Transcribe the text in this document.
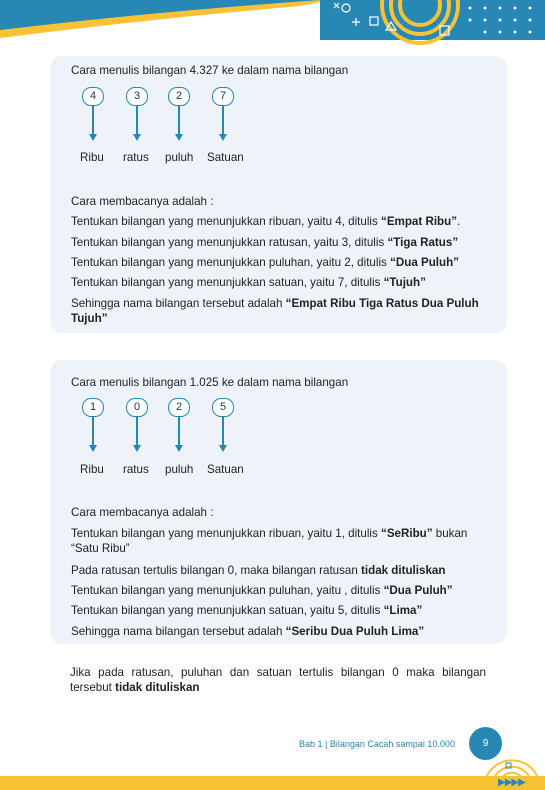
Cara menulis bilangan 4.327 ke dalam nama bilangan
4	3	2	7
Ribu ratus puluh Satuan
Cara membacanya adalah :
Tentukan bilangan yang menunjukkan ribuan, yaitu 4, ditulis “Empat Ribu”.
Tentukan bilangan yang menunjukkan ratusan, yaitu 3, ditulis “Tiga Ratus”
Tentukan bilangan yang menunjukkan puluhan, yaitu 2, ditulis “Dua Puluh”
Tentukan bilangan yang menunjukkan satuan, yaitu 7, ditulis “Tujuh”
Sehingga nama bilangan tersebut adalah “Empat Ribu Tiga Ratus Dua Puluh Tujuh”
Cara menulis bilangan 1.025 ke dalam nama bilangan
1	0	2	5
Ribu ratus puluh Satuan
Cara membacanya adalah :
Tentukan bilangan yang menunjukkan ribuan, yaitu 1, ditulis “SeRibu” bukan “Satu Ribu”
Pada ratusan tertulis bilangan 0, maka bilangan ratusan tidak dituliskan
Tentukan bilangan yang menunjukkan puluhan, yaitu , ditulis “Dua Puluh”
Tentukan bilangan yang menunjukkan satuan, yaitu 5, ditulis “Lima”
Sehingga nama bilangan tersebut adalah “Seribu Dua Puluh Lima”
Jika pada ratusan, puluhan dan satuan tertulis bilangan 0 maka bilangan tersebut tidak dituliskan
Bab 1 | Bilangan Cacah sampai 10.000	9
▶▶▶▶
